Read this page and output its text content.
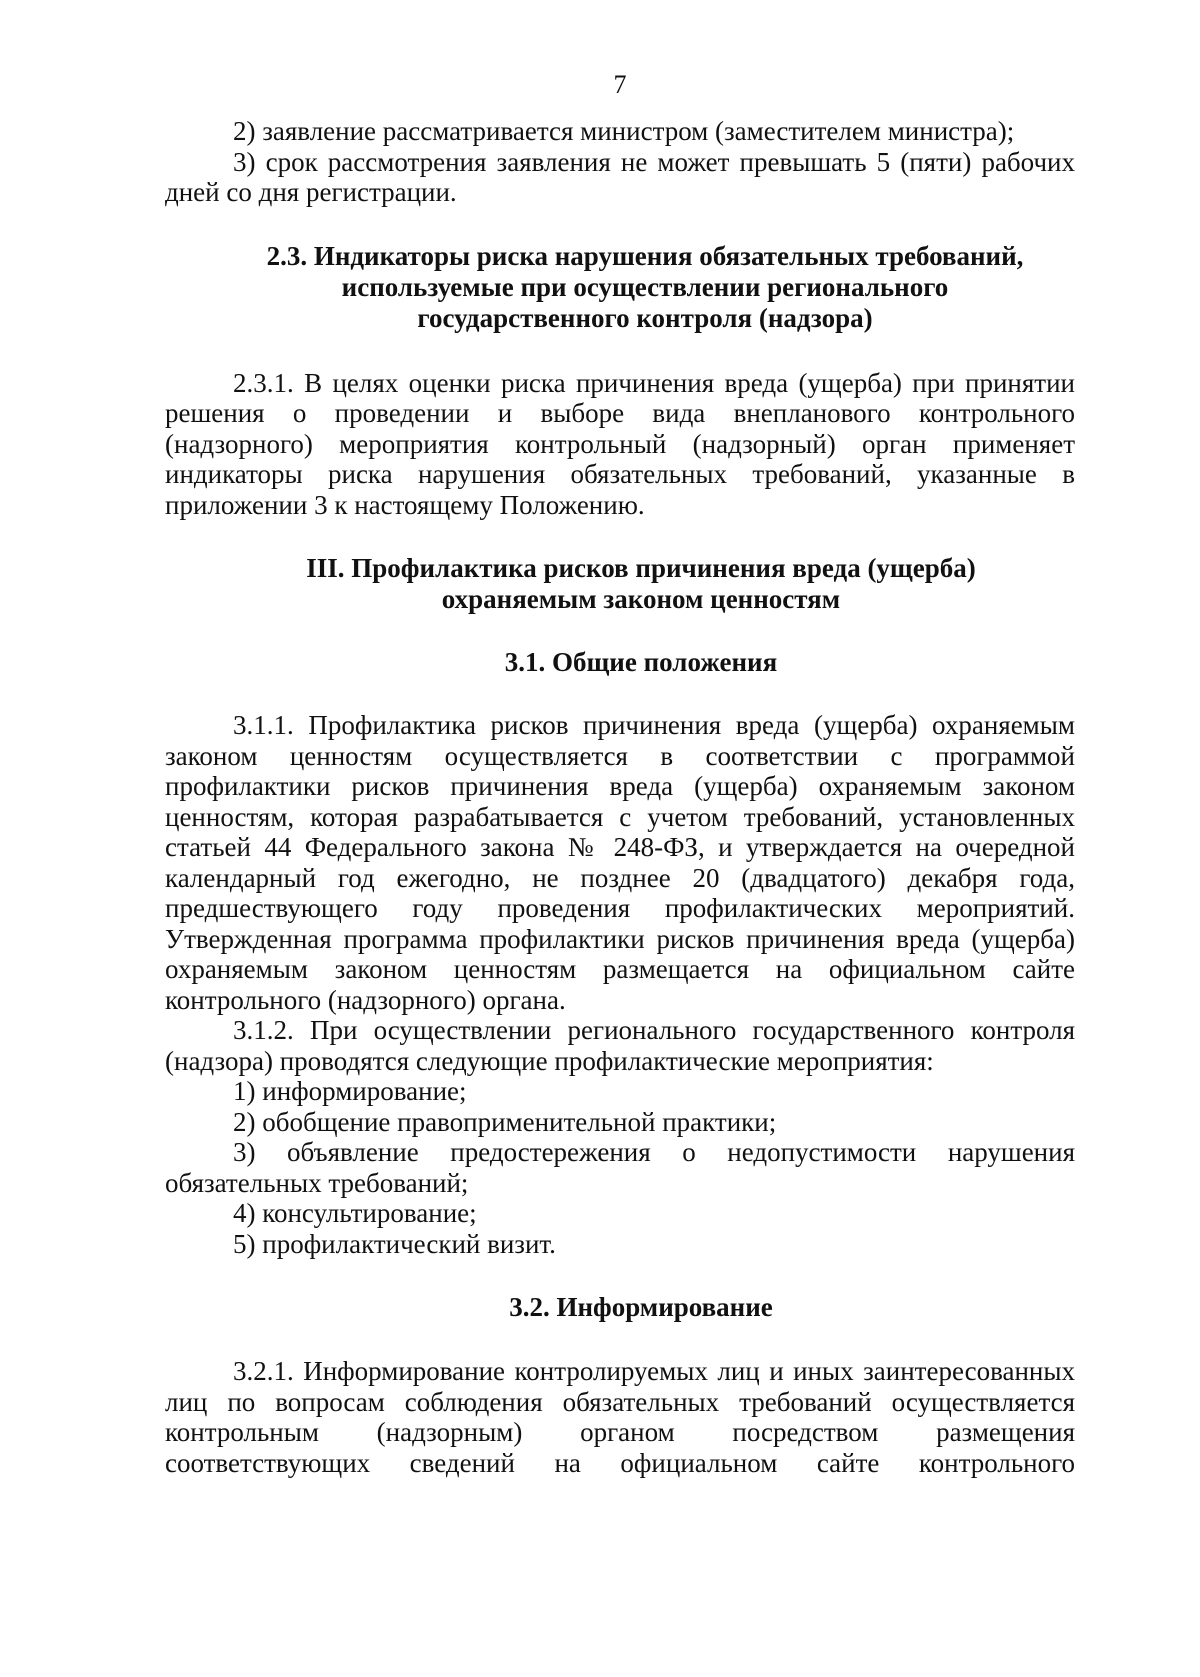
7

2) заявление рассматривается министром (заместителем министра);

3) срок рассмотрения заявления не может превышать 5 (пяти) рабочих дней со дня регистрации.

2.3. Индикаторы риска нарушения обязательных требований,
используемые при осуществлении регионального
государственного контроля (надзора)

2.3.1. В целях оценки риска причинения вреда (ущерба) при принятии решения о проведении и выборе вида внепланового контрольного (надзорного) мероприятия контрольный (надзорный) орган применяет индикаторы риска нарушения обязательных требований, указанные в приложении 3 к настоящему Положению.

III. Профилактика рисков причинения вреда (ущерба)
охраняемым законом ценностям
3.1. Общие положения

3.1.1. Профилактика рисков причинения вреда (ущерба) охраняемым законом ценностям осуществляется в соответствии с программой профилактики рисков причинения вреда (ущерба) охраняемым законом ценностям, которая разрабатывается с учетом требований, установленных статьей 44 Федерального закона № 248-ФЗ, и утверждается на очередной календарный год ежегодно, не позднее 20 (двадцатого) декабря года, предшествующего году проведения профилактических мероприятий. Утвержденная программа профилактики рисков причинения вреда (ущерба) охраняемым законом ценностям размещается на официальном сайте контрольного (надзорного) органа.

3.1.2. При осуществлении регионального государственного контроля (надзора) проводятся следующие профилактические мероприятия:

1) информирование;

2) обобщение правоприменительной практики;

3) объявление предостережения о недопустимости нарушения обязательных требований;

4) консультирование;

5) профилактический визит.

3.2. Информирование

3.2.1. Информирование контролируемых лиц и иных заинтересованных лиц по вопросам соблюдения обязательных требований осуществляется контрольным (надзорным) органом посредством размещения соответствующих сведений на официальном сайте контрольного
